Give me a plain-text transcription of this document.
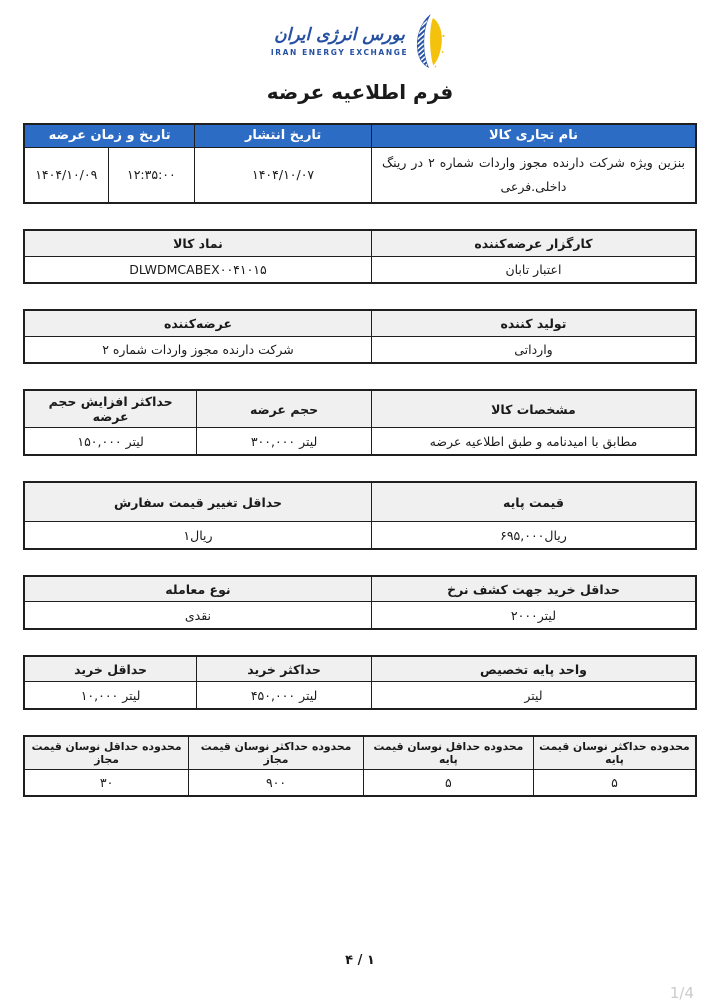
بورس انرژی ایران
IRAN ENERGY EXCHANGE
فرم اطلاعیه عرضه
نام تجاری کالا	تاریخ انتشار	تاریخ و زمان عرضه	
بنزین ویژه شرکت دارنده مجوز واردات شماره ۲ در رینگ داخلی.فرعی	۱۴۰۴/۱۰/۰۷	۱۲:۳۵:۰۰	۱۴۰۴/۱۰/۰۹
کارگزار عرضه‌کننده	نماد کالا
اعتبار تابان	DLWDMCABEX۰۰۴۱۰۱۵
تولید کننده	عرضه‌کننده
وارداتی	شرکت دارنده مجوز واردات شماره ۲
مشخصات کالا	حجم عرضه	حداکثر افزایش حجم عرضه
مطابق با امیدنامه و طبق اطلاعیه عرضه	لیتر ۳۰۰,۰۰۰	لیتر ۱۵۰,۰۰۰
قیمت پایه	حداقل تغییر قیمت سفارش
ریال۶۹۵,۰۰۰	ریال۱
حداقل خرید جهت کشف نرخ	نوع معامله
لیتر۲۰۰۰	نقدی
واحد پایه تخصیص	حداکثر خرید	حداقل خرید
لیتر	لیتر ۴۵۰,۰۰۰	لیتر ۱۰,۰۰۰
محدوده حداکثر نوسان قیمت پایه	محدوده حداقل نوسان قیمت پایه	محدوده حداکثر نوسان قیمت مجاز	محدوده حداقل نوسان قیمت مجاز
۵	۵	۹۰۰	۳۰
۴ / ۱
1/4
